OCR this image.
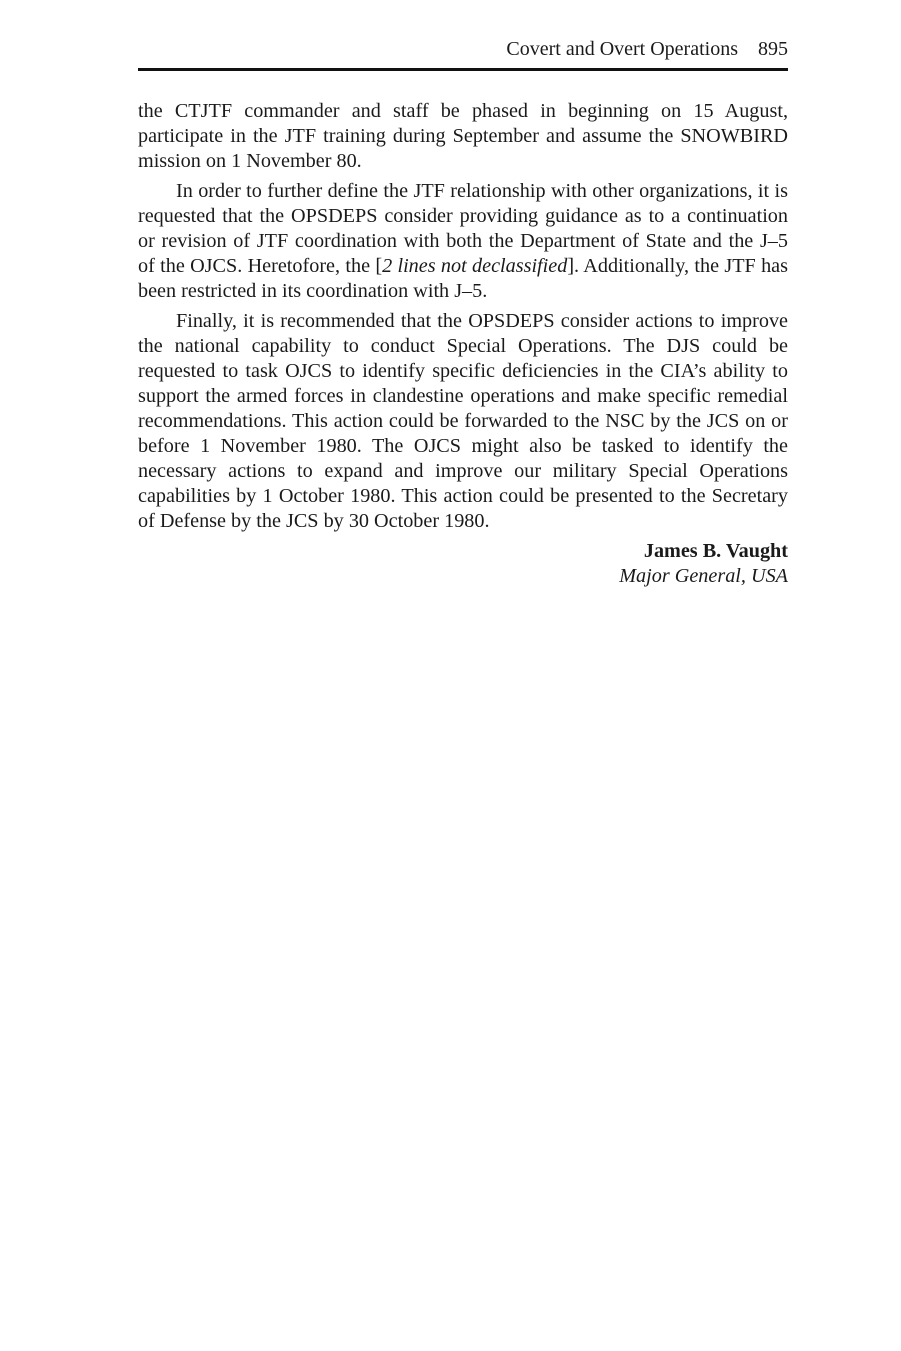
Covert and Overt Operations 895

the CTJTF commander and staff be phased in beginning on 15 August, participate in the JTF training during September and assume the SNOWBIRD mission on 1 November 80.

In order to further define the JTF relationship with other organizations, it is requested that the OPSDEPS consider providing guidance as to a continuation or revision of JTF coordination with both the Department of State and the J–5 of the OJCS. Heretofore, the [2 lines not declassified]. Additionally, the JTF has been restricted in its coordination with J–5.

Finally, it is recommended that the OPSDEPS consider actions to improve the national capability to conduct Special Operations. The DJS could be requested to task OJCS to identify specific deficiencies in the CIA’s ability to support the armed forces in clandestine operations and make specific remedial recommendations. This action could be forwarded to the NSC by the JCS on or before 1 November 1980. The OJCS might also be tasked to identify the necessary actions to expand and improve our military Special Operations capabilities by 1 October 1980. This action could be presented to the Secretary of Defense by the JCS by 30 October 1980.

James B. Vaught
Major General, USA
